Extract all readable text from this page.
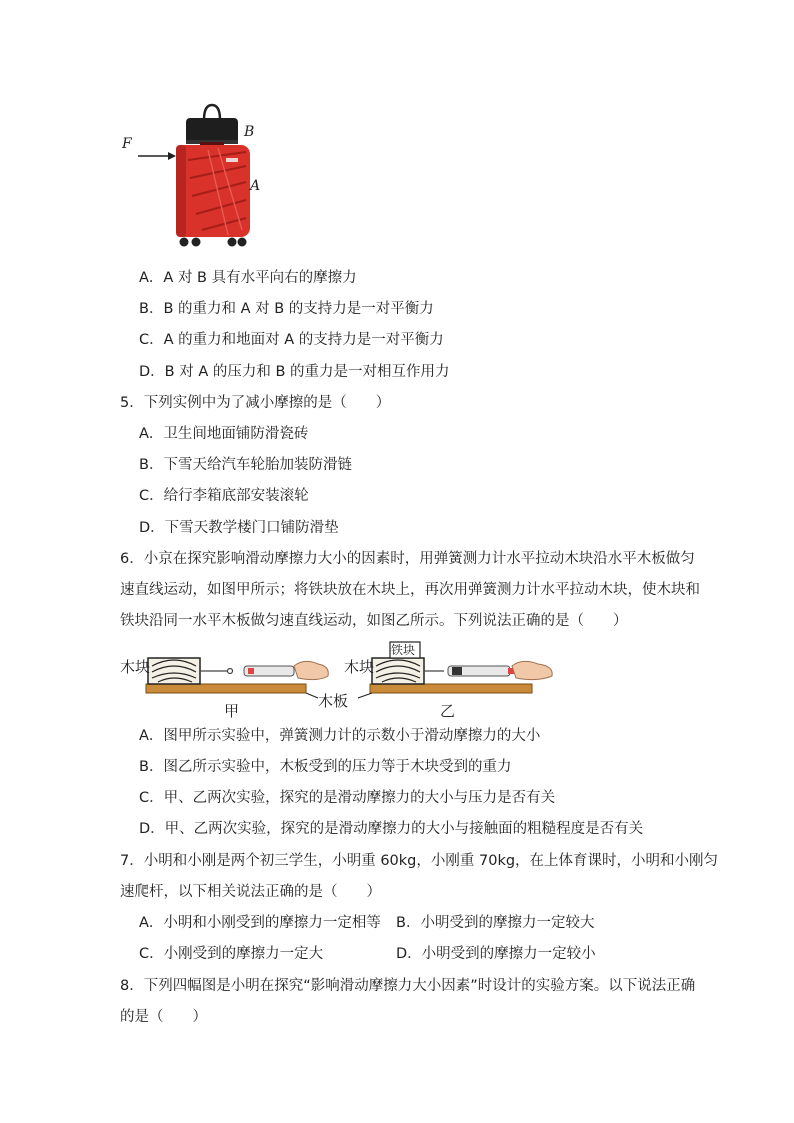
F
B
A
A．A 对 B 具有水平向右的摩擦力
B．B 的重力和 A 对 B 的支持力是一对平衡力
C．A 的重力和地面对 A 的支持力是一对平衡力
D．B 对 A 的压力和 B 的重力是一对相互作用力
5．下列实例中为了减小摩擦的是（　　）
A．卫生间地面铺防滑瓷砖
B．下雪天给汽车轮胎加装防滑链
C．给行李箱底部安装滚轮
D．下雪天教学楼门口铺防滑垫
6．小京在探究影响滑动摩擦力大小的因素时，用弹簧测力计水平拉动木块沿水平木板做匀
速直线运动，如图甲所示；将铁块放在木块上，再次用弹簧测力计水平拉动木块，使木块和
铁块沿同一水平木板做匀速直线运动，如图乙所示。下列说法正确的是（　　）
木块	木块
铁块
木板
甲	乙
A．图甲所示实验中，弹簧测力计的示数小于滑动摩擦力的大小
B．图乙所示实验中，木板受到的压力等于木块受到的重力
C．甲、乙两次实验，探究的是滑动摩擦力的大小与压力是否有关
D．甲、乙两次实验，探究的是滑动摩擦力的大小与接触面的粗糙程度是否有关
7．小明和小刚是两个初三学生，小明重 60kg，小刚重 70kg，在上体育课时，小明和小刚匀
速爬杆，以下相关说法正确的是（　　）
A．小明和小刚受到的摩擦力一定相等 B．小明受到的摩擦力一定较大
C．小刚受到的摩擦力一定大	D．小明受到的摩擦力一定较小
8．下列四幅图是小明在探究“影响滑动摩擦力大小因素”时设计的实验方案。以下说法正确
的是（　　）
